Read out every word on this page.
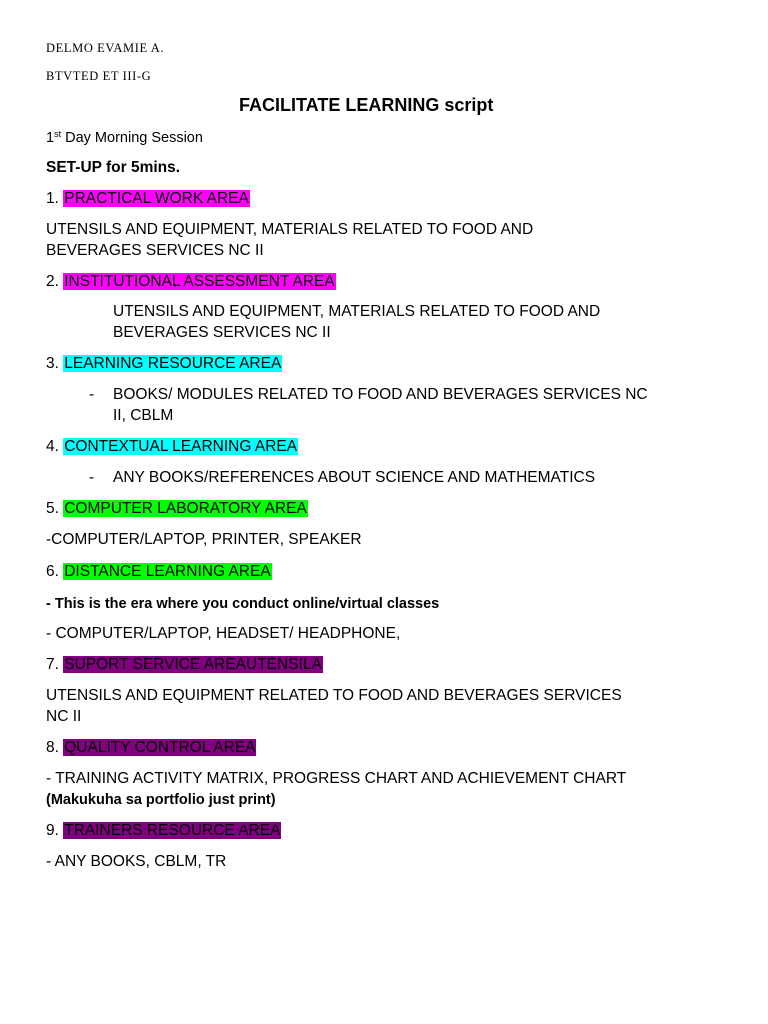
DELMO EVAMIE A.
BTVTED ET III-G
FACILITATE LEARNING script
1st Day Morning Session
SET-UP for 5mins.
1. PRACTICAL WORK AREA
UTENSILS AND EQUIPMENT, MATERIALS RELATED TO FOOD AND
BEVERAGES SERVICES NC II
2. INSTITUTIONAL ASSESSMENT AREA
UTENSILS AND EQUIPMENT, MATERIALS RELATED TO FOOD AND
BEVERAGES SERVICES NC II
3. LEARNING RESOURCE AREA
- BOOKS/ MODULES RELATED TO FOOD AND BEVERAGES SERVICES NC
II, CBLM
4. CONTEXTUAL LEARNING AREA
- ANY BOOKS/REFERENCES ABOUT SCIENCE AND MATHEMATICS
5. COMPUTER LABORATORY AREA
-COMPUTER/LAPTOP, PRINTER, SPEAKER
6. DISTANCE LEARNING AREA
- This is the era where you conduct online/virtual classes
- COMPUTER/LAPTOP, HEADSET/ HEADPHONE,
7. SUPORT SERVICE AREAUTENSILA
UTENSILS AND EQUIPMENT RELATED TO FOOD AND BEVERAGES SERVICES
NC II
8. QUALITY CONTROL AREA
- TRAINING ACTIVITY MATRIX, PROGRESS CHART AND ACHIEVEMENT CHART
(Makukuha sa portfolio just print)
9. TRAINERS RESOURCE AREA
- ANY BOOKS, CBLM, TR
